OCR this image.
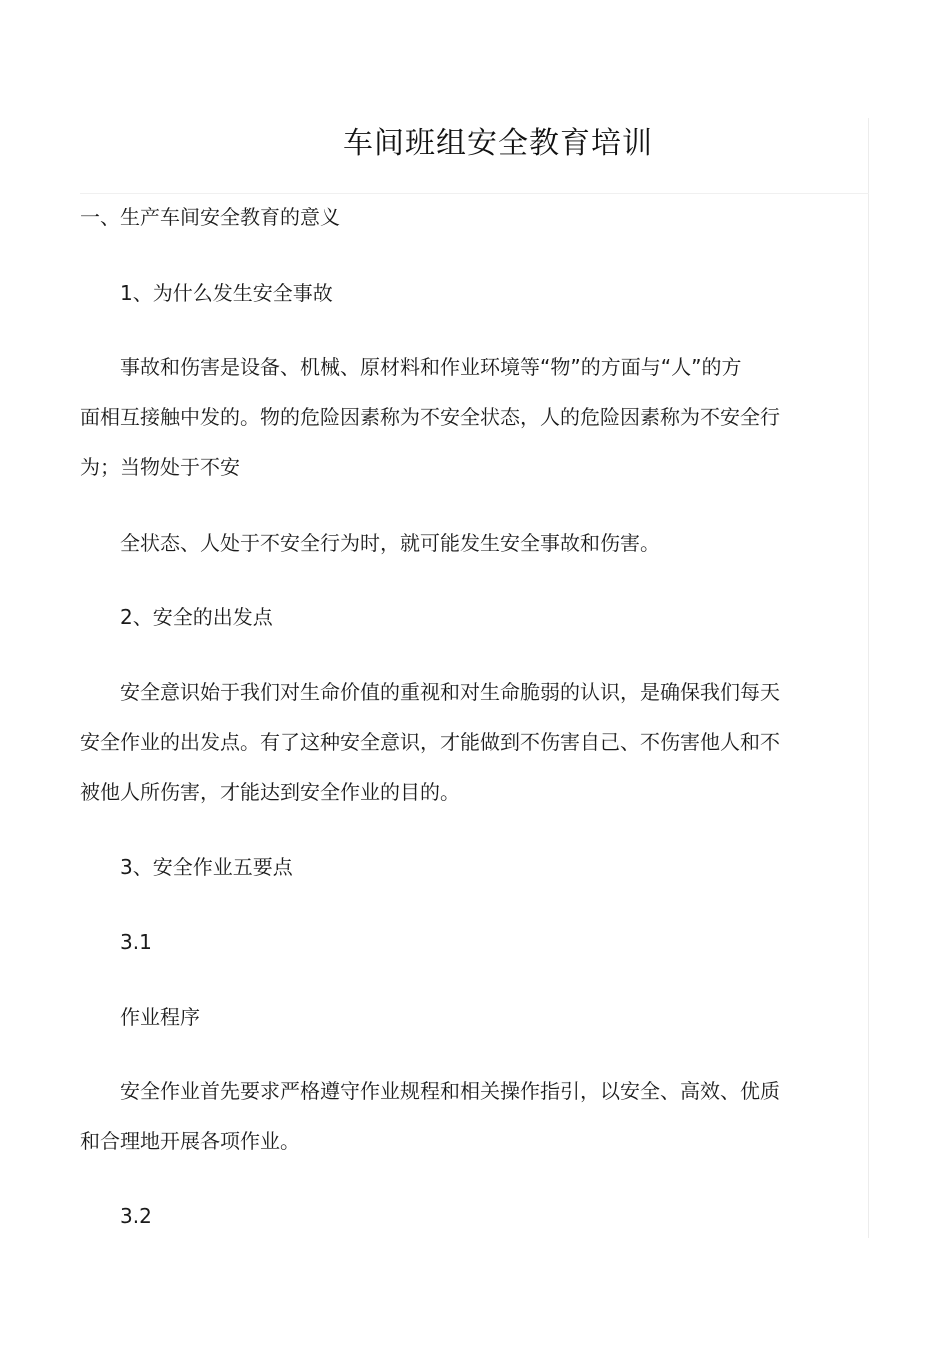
车间班组安全教育培训
一、生产车间安全教育的意义
1、为什么发生安全事故
事故和伤害是设备、机械、原材料和作业环境等“物”的方面与“人”的方
面相互接触中发的。物的危险因素称为不安全状态，人的危险因素称为不安全行
为；当物处于不安
全状态、人处于不安全行为时，就可能发生安全事故和伤害。
2、安全的出发点
安全意识始于我们对生命价值的重视和对生命脆弱的认识，是确保我们每天
安全作业的出发点。有了这种安全意识，才能做到不伤害自己、不伤害他人和不
被他人所伤害，才能达到安全作业的目的。
3、安全作业五要点
3.1
作业程序
安全作业首先要求严格遵守作业规程和相关操作指引，以安全、高效、优质
和合理地开展各项作业。
3.2
